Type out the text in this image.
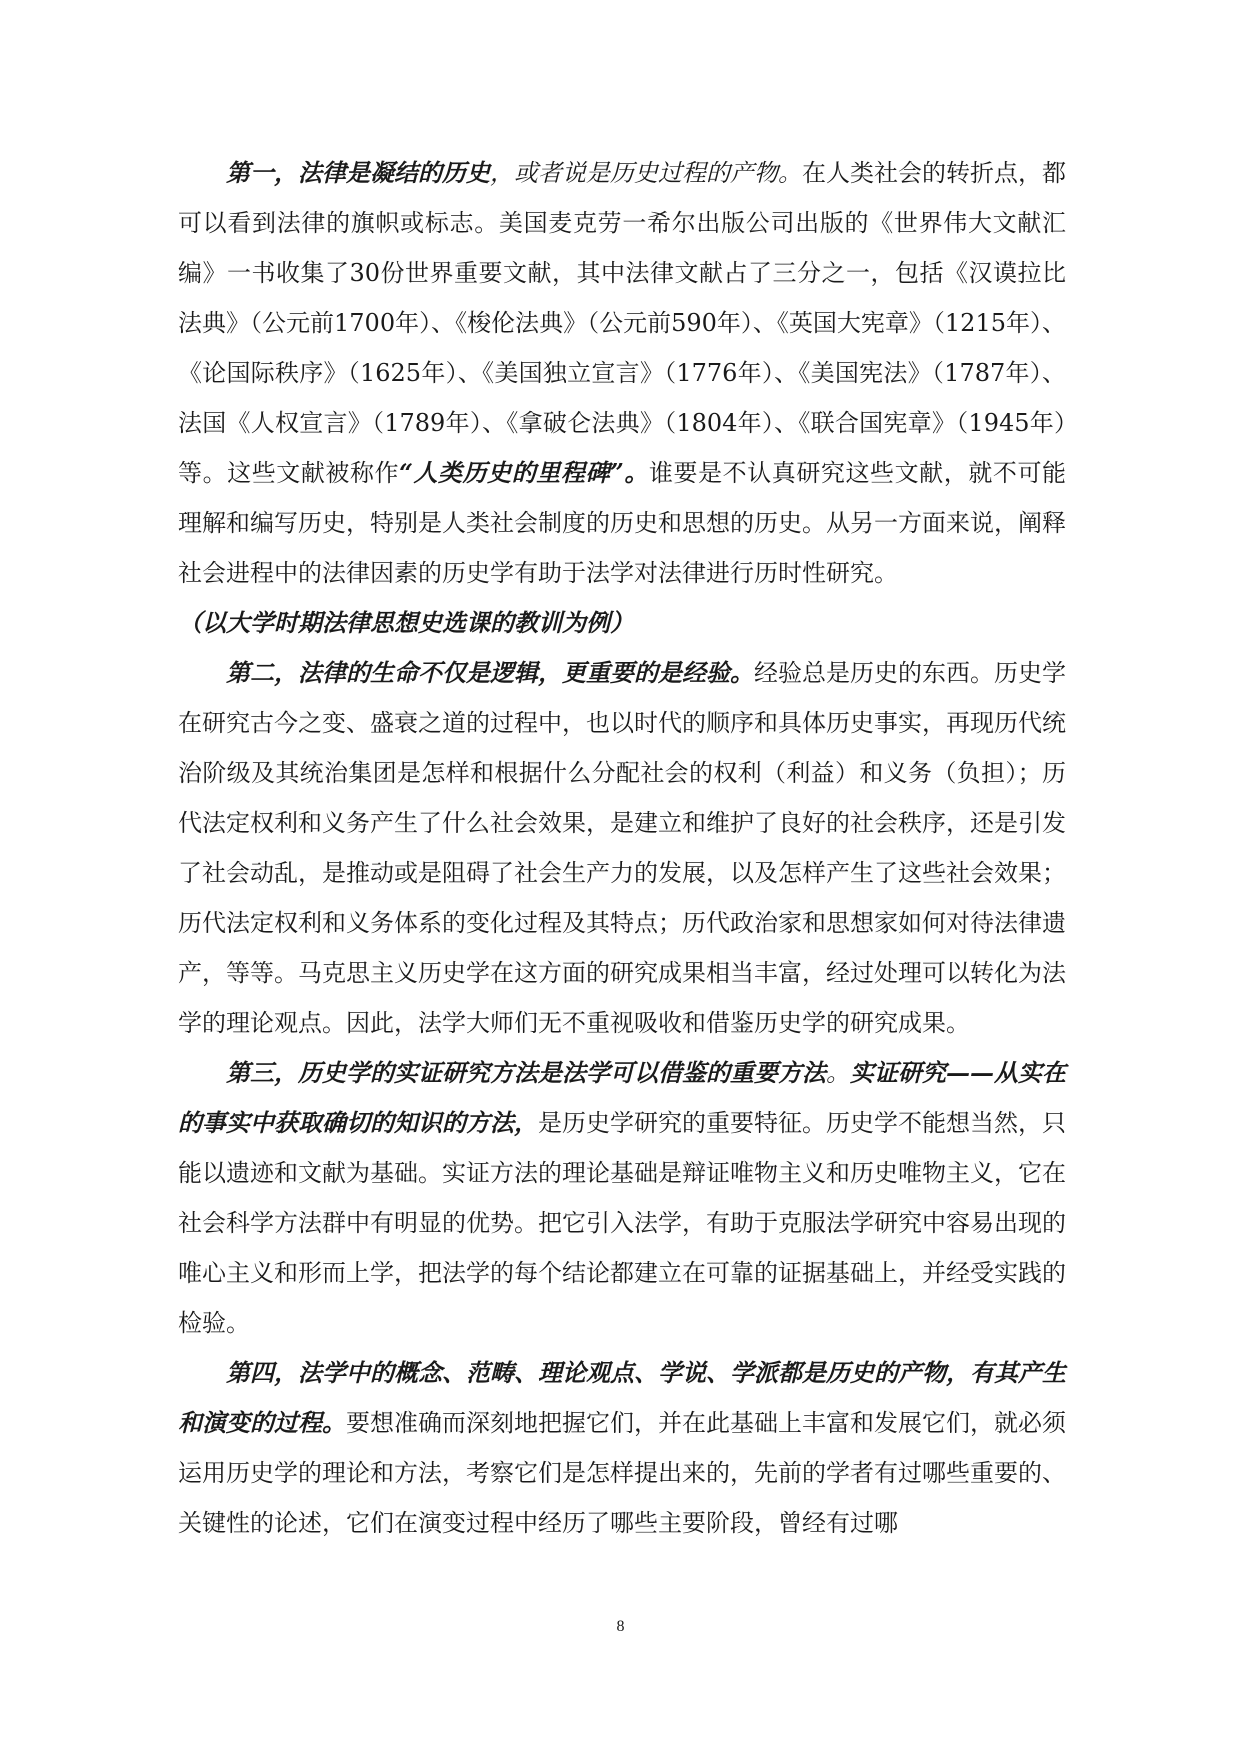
第一，法律是凝结的历史，或者说是历史过程的产物。在人类社会的转折点，都可以看到法律的旗帜或标志。美国麦克劳一希尔出版公司出版的《世界伟大文献汇编》一书收集了30份世界重要文献，其中法律文献占了三分之一，包括《汉谟拉比法典》（公元前1700年）、《梭伦法典》（公元前590年）、《英国大宪章》（1215年）、《论国际秩序》（1625年）、《美国独立宣言》（1776年）、《美国宪法》（1787年）、法国《人权宣言》（1789年）、《拿破仑法典》（1804年）、《联合国宪章》（1945年）等。这些文献被称作“人类历史的里程碑”。谁要是不认真研究这些文献，就不可能理解和编写历史，特别是人类社会制度的历史和思想的历史。从另一方面来说，阐释社会进程中的法律因素的历史学有助于法学对法律进行历时性研究。

（以大学时期法律思想史选课的教训为例）

第二，法律的生命不仅是逻辑，更重要的是经验。经验总是历史的东西。历史学在研究古今之变、盛衰之道的过程中，也以时代的顺序和具体历史事实，再现历代统治阶级及其统治集团是怎样和根据什么分配社会的权利（利益）和义务（负担）；历代法定权利和义务产生了什么社会效果，是建立和维护了良好的社会秩序，还是引发了社会动乱，是推动或是阻碍了社会生产力的发展，以及怎样产生了这些社会效果；历代法定权利和义务体系的变化过程及其特点；历代政治家和思想家如何对待法律遗产，等等。马克思主义历史学在这方面的研究成果相当丰富，经过处理可以转化为法学的理论观点。因此，法学大师们无不重视吸收和借鉴历史学的研究成果。

第三，历史学的实证研究方法是法学可以借鉴的重要方法。实证研究——从实在的事实中获取确切的知识的方法，是历史学研究的重要特征。历史学不能想当然，只能以遗迹和文献为基础。实证方法的理论基础是辩证唯物主义和历史唯物主义，它在社会科学方法群中有明显的优势。把它引入法学，有助于克服法学研究中容易出现的唯心主义和形而上学，把法学的每个结论都建立在可靠的证据基础上，并经受实践的检验。

第四，法学中的概念、范畴、理论观点、学说、学派都是历史的产物，有其产生和演变的过程。要想准确而深刻地把握它们，并在此基础上丰富和发展它们，就必须运用历史学的理论和方法，考察它们是怎样提出来的，先前的学者有过哪些重要的、关键性的论述，它们在演变过程中经历了哪些主要阶段，曾经有过哪

8
